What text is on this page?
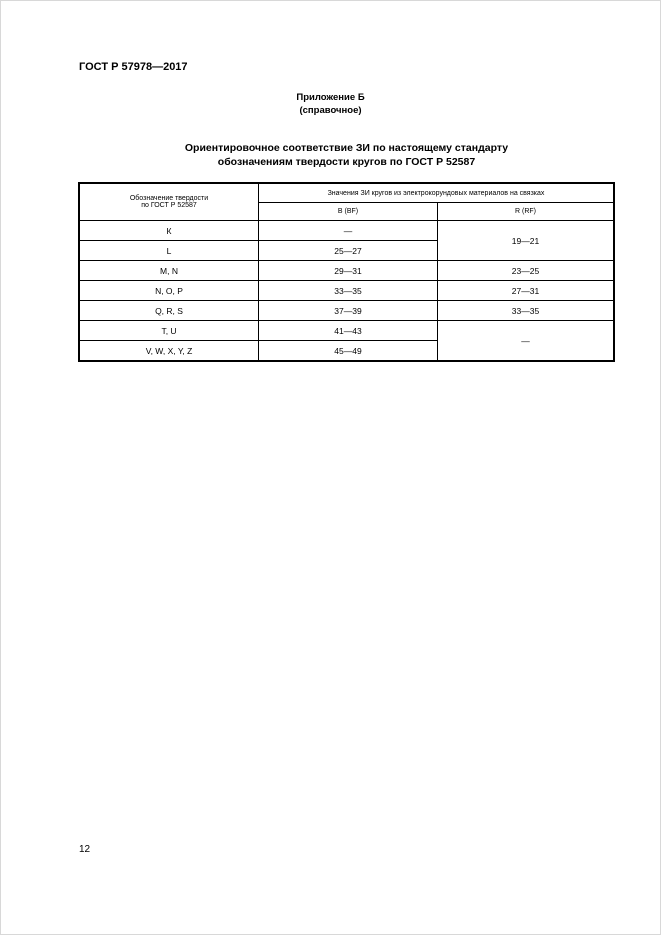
ГОСТ Р 57978—2017
Приложение Б
(справочное)
Ориентировочное соответствие ЗИ по настоящему стандарту
обозначениям твердости кругов по ГОСТ Р 52587
Обозначение твердости
по ГОСТ Р 52587	Значения ЗИ кругов из электрокорундовых материалов на связках	
	B (BF)	R (RF)
К	—	19—21
L	25—27	
M, N	29—31	23—25
N, O, P	33—35	27—31
Q, R, S	37—39	33—35
T, U	41—43	—
V, W, X, Y, Z	45—49	
12
